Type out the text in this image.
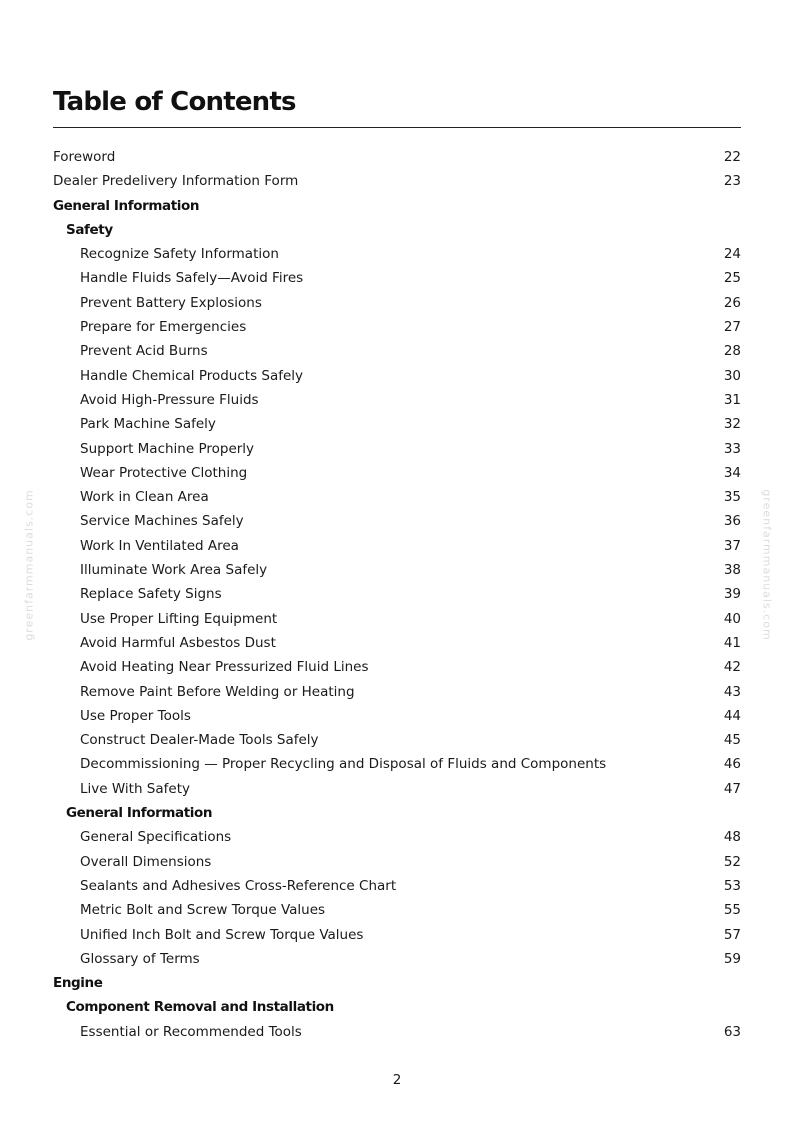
Table of Contents
Foreword	22
Dealer Predelivery Information Form	23
General Information
Safety
Recognize Safety Information	24
Handle Fluids Safely—Avoid Fires	25
Prevent Battery Explosions	26
Prepare for Emergencies	27
Prevent Acid Burns	28
Handle Chemical Products Safely	30
Avoid High-Pressure Fluids	31
Park Machine Safely	32
Support Machine Properly	33
Wear Protective Clothing	34
Work in Clean Area	35
Service Machines Safely	36
Work In Ventilated Area	37
Illuminate Work Area Safely	38
Replace Safety Signs	39
Use Proper Lifting Equipment	40
Avoid Harmful Asbestos Dust	41
Avoid Heating Near Pressurized Fluid Lines	42
Remove Paint Before Welding or Heating	43
Use Proper Tools	44
Construct Dealer-Made Tools Safely	45
Decommissioning — Proper Recycling and Disposal of Fluids and Components	46
Live With Safety	47
General Information
General Specifications	48
Overall Dimensions	52
Sealants and Adhesives Cross-Reference Chart	53
Metric Bolt and Screw Torque Values	55
Unified Inch Bolt and Screw Torque Values	57
Glossary of Terms	59
Engine
Component Removal and Installation
Essential or Recommended Tools	63
greenfarmmanuals.com	greenfarmmanuals.com
2
